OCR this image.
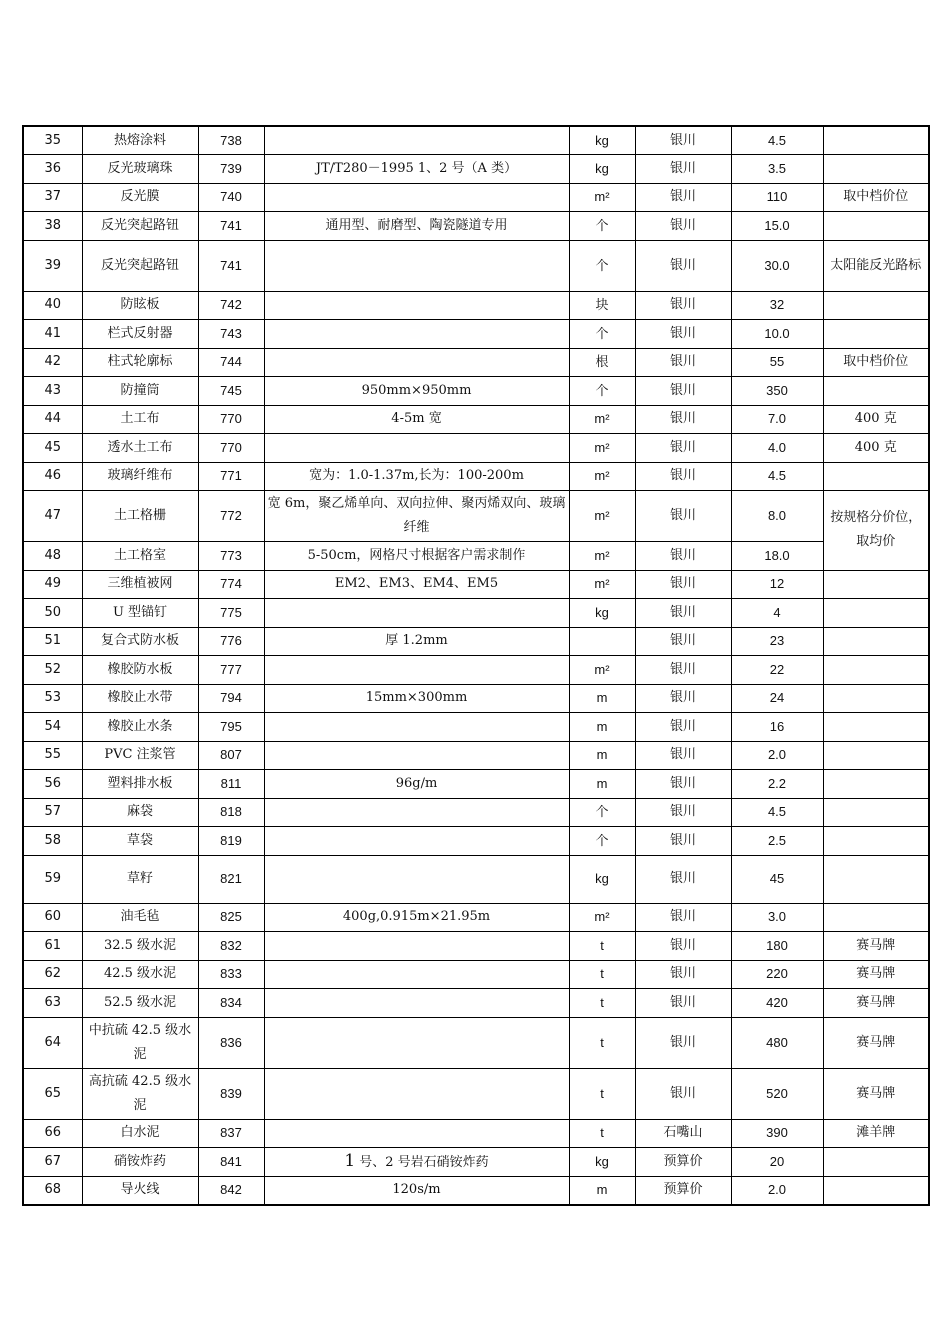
35	热熔涂料	738		kg	银川	4.5	
36	反光玻璃珠	739	JT/T280－1995 1、2 号（A 类）	kg	银川	3.5	
37	反光膜	740		m²	银川	110	取中档价位
38	反光突起路钮	741	通用型、耐磨型、陶瓷隧道专用	个	银川	15.0	
39	反光突起路钮	741		个	银川	30.0	太阳能反光路标
40	防眩板	742		块	银川	32	
41	栏式反射器	743		个	银川	10.0	
42	柱式轮廓标	744		根	银川	55	取中档价位
43	防撞筒	745	950mm×950mm	个	银川	350	
44	土工布	770	4-5m 宽	m²	银川	7.0	400 克
45	透水土工布	770		m²	银川	4.0	400 克
46	玻璃纤维布	771	宽为：1.0-1.37m,长为：100-200m	m²	银川	4.5	
47	土工格栅	772	宽 6m，聚乙烯单向、双向拉伸、聚丙烯双向、玻璃纤维	m²	银川	8.0	按规格分价位，取均价
48	土工格室	773	5-50cm，网格尺寸根据客户需求制作	m²	银川	18.0	
49	三维植被网	774	EM2、EM3、EM4、EM5	m²	银川	12	
50	U 型锚钉	775		kg	银川	4	
51	复合式防水板	776	厚 1.2mm		银川	23	
52	橡胶防水板	777		m²	银川	22	
53	橡胶止水带	794	15mm×300mm	m	银川	24	
54	橡胶止水条	795		m	银川	16	
55	PVC 注浆管	807		m	银川	2.0	
56	塑料排水板	811	96g/m	m	银川	2.2	
57	麻袋	818		个	银川	4.5	
58	草袋	819		个	银川	2.5	
59	草籽	821		kg	银川	45	
60	油毛毡	825	400g,0.915m×21.95m	m²	银川	3.0	
61	32.5 级水泥	832		t	银川	180	赛马牌
62	42.5 级水泥	833		t	银川	220	赛马牌
63	52.5 级水泥	834		t	银川	420	赛马牌
64	中抗硫 42.5 级水泥	836		t	银川	480	赛马牌
65	高抗硫 42.5 级水泥	839		t	银川	520	赛马牌
66	白水泥	837		t	石嘴山	390	滩羊牌
67	硝铵炸药	841	1 号、2 号岩石硝铵炸药	kg	预算价	20	
68	导火线	842	120s/m	m	预算价	2.0	
